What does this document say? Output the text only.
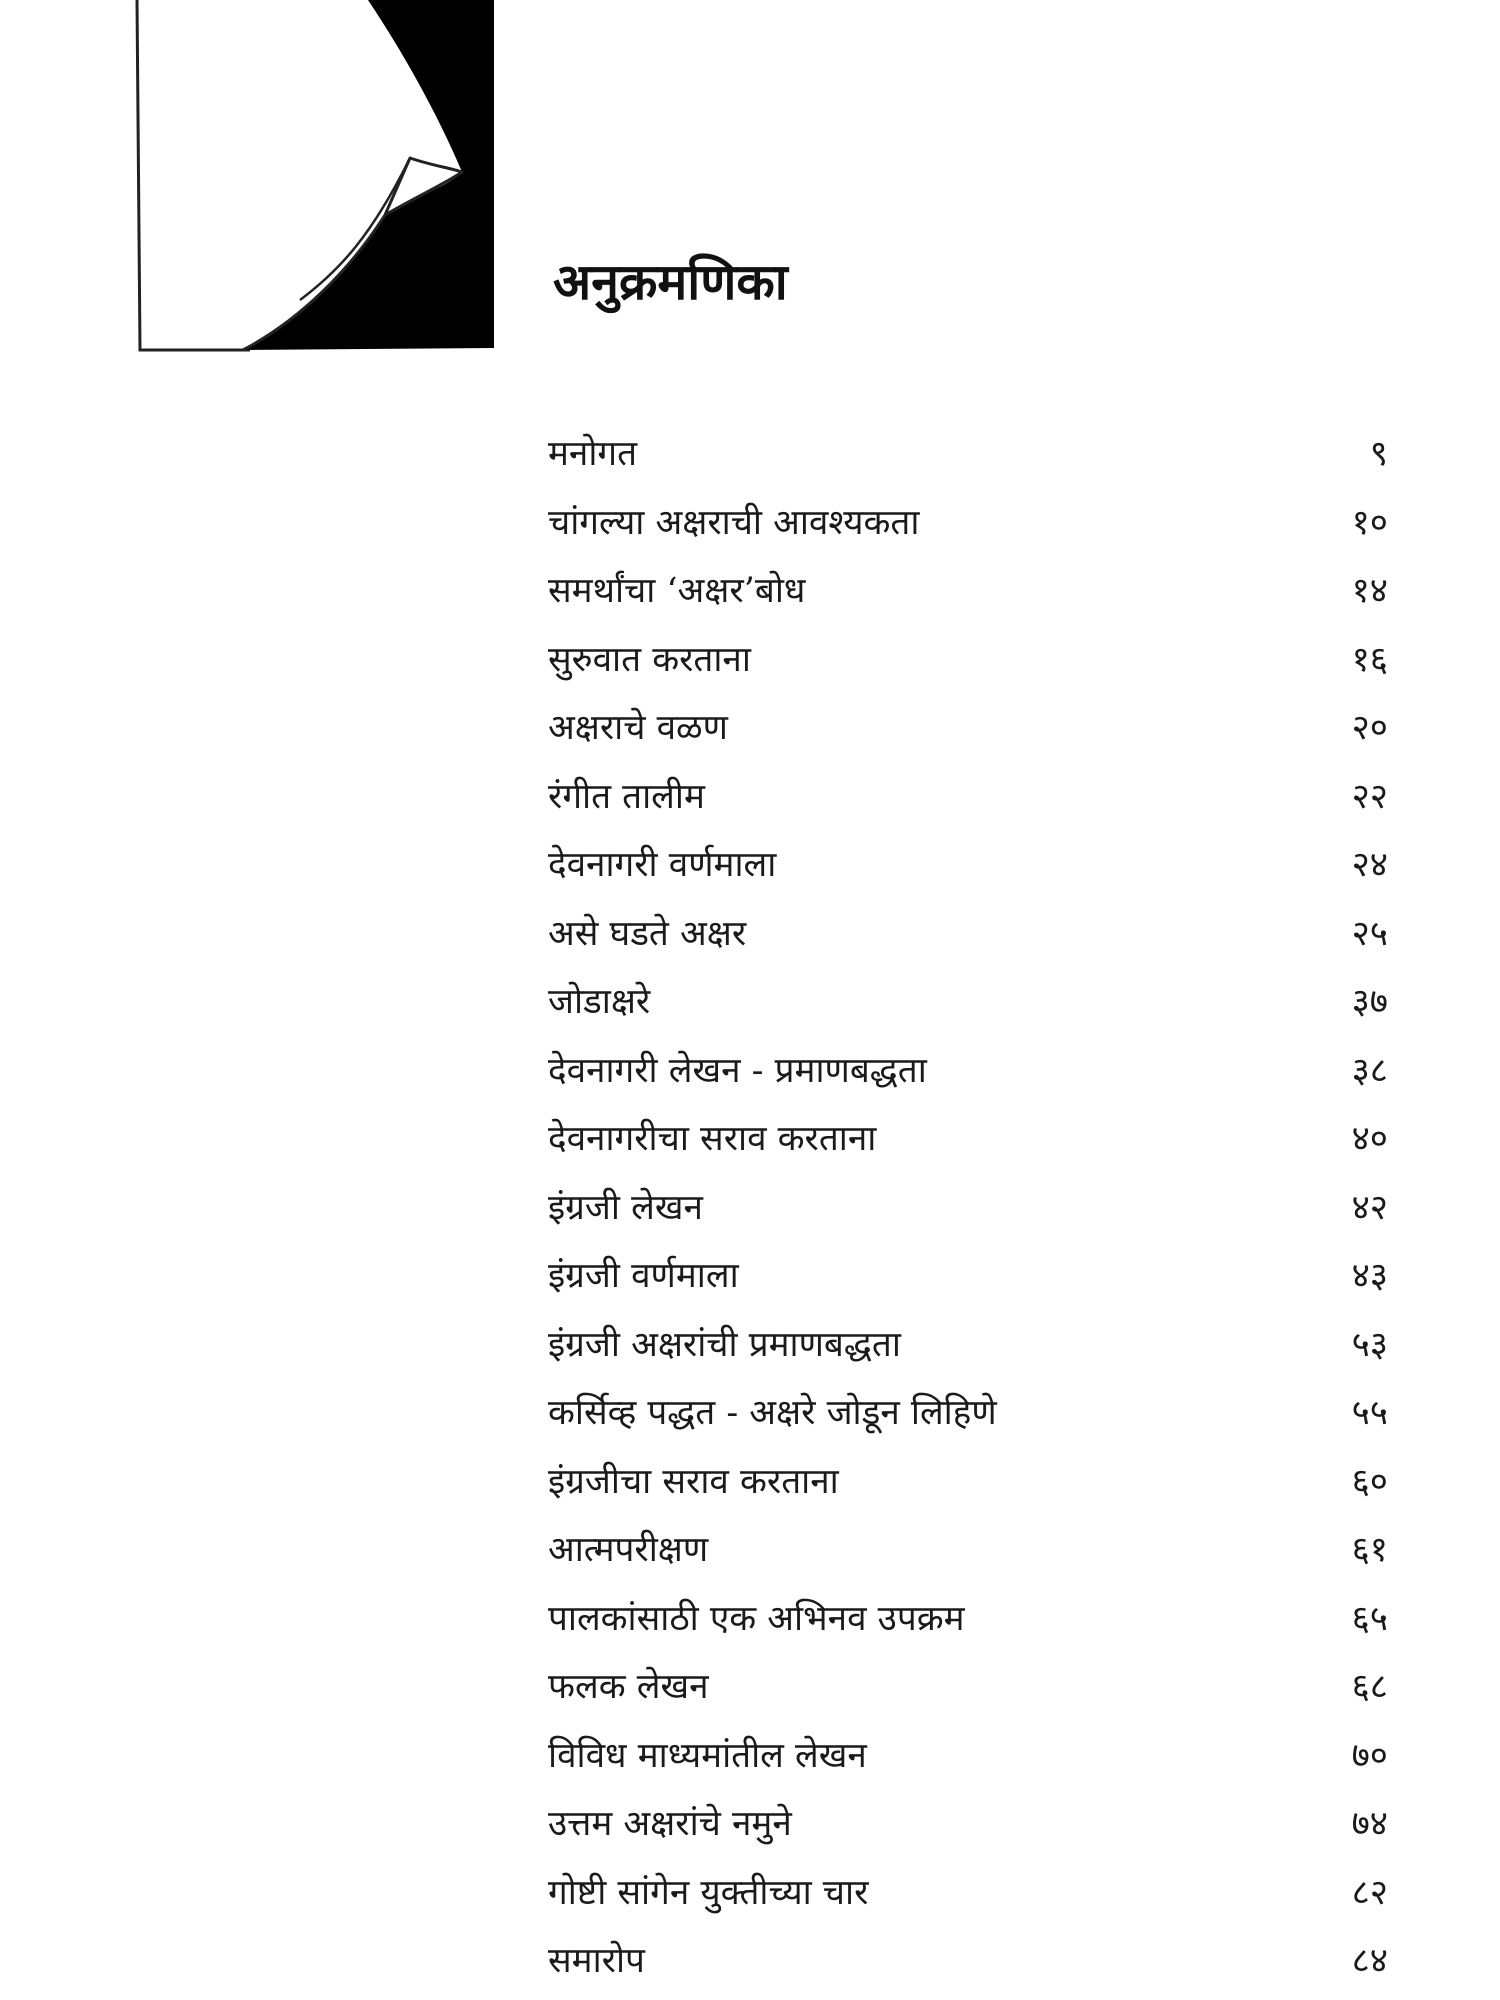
अनुक्रमणिका
मनोगत	९
चांगल्या अक्षराची आवश्यकता	१०
समर्थांचा ‘अक्षर’बोध	१४
सुरुवात करताना	१६
अक्षराचे वळण	२०
रंगीत तालीम	२२
देवनागरी वर्णमाला	२४
असे घडते अक्षर	२५
जोडाक्षरे	३७
देवनागरी लेखन - प्रमाणबद्धता	३८
देवनागरीचा सराव करताना	४०
इंग्रजी लेखन	४२
इंग्रजी वर्णमाला	४३
इंग्रजी अक्षरांची प्रमाणबद्धता	५३
कर्सिव्ह पद्धत - अक्षरे जोडून लिहिणे	५५
इंग्रजीचा सराव करताना	६०
आत्मपरीक्षण	६१
पालकांसाठी एक अभिनव उपक्रम	६५
फलक लेखन	६८
विविध माध्यमांतील लेखन	७०
उत्तम अक्षरांचे नमुने	७४
गोष्टी सांगेन युक्तीच्या चार	८२
समारोप	८४
